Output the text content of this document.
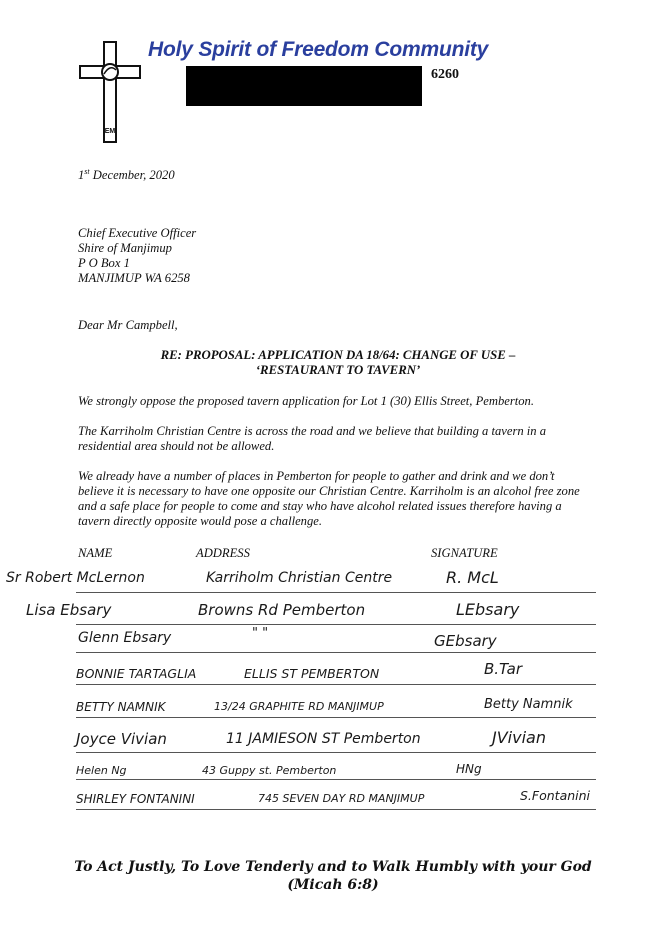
EM
Holy Spirit of Freedom Community
6260
1st December, 2020
Chief Executive Officer
Shire of Manjimup
P O Box 1
MANJIMUP WA 6258
Dear Mr Campbell,
RE: PROPOSAL: APPLICATION DA 18/64: CHANGE OF USE –
‘RESTAURANT TO TAVERN’
We strongly oppose the proposed tavern application for Lot 1 (30) Ellis Street, Pemberton.
The Karriholm Christian Centre is across the road and we believe that building a tavern in a residential area should not be allowed.
We already have a number of places in Pemberton for people to gather and drink and we don’t believe it is necessary to have one opposite our Christian Centre. Karriholm is an alcohol free zone and a safe place for people to come and stay who have alcohol related issues therefore having a tavern directly opposite would pose a challenge.
NAME	ADDRESS	SIGNATURE
Sr Robert McLernon	Karriholm Christian Centre	R. McL
Lisa Ebsary	Browns Rd Pemberton	LEbsary
Glenn Ebsary	" "	GEbsary
BONNIE TARTAGLIA	ELLIS ST PEMBERTON	B.Tar
BETTY NAMNIK	13/24 GRAPHITE RD MANJIMUP	Betty Namnik
Joyce Vivian	11 JAMIESON ST Pemberton	JVivian
Helen Ng	43 Guppy st. Pemberton	HNg
SHIRLEY FONTANINI	745 SEVEN DAY RD MANJIMUP	S.Fontanini
To Act Justly, To Love Tenderly and to Walk Humbly with your God
(Micah 6:8)
